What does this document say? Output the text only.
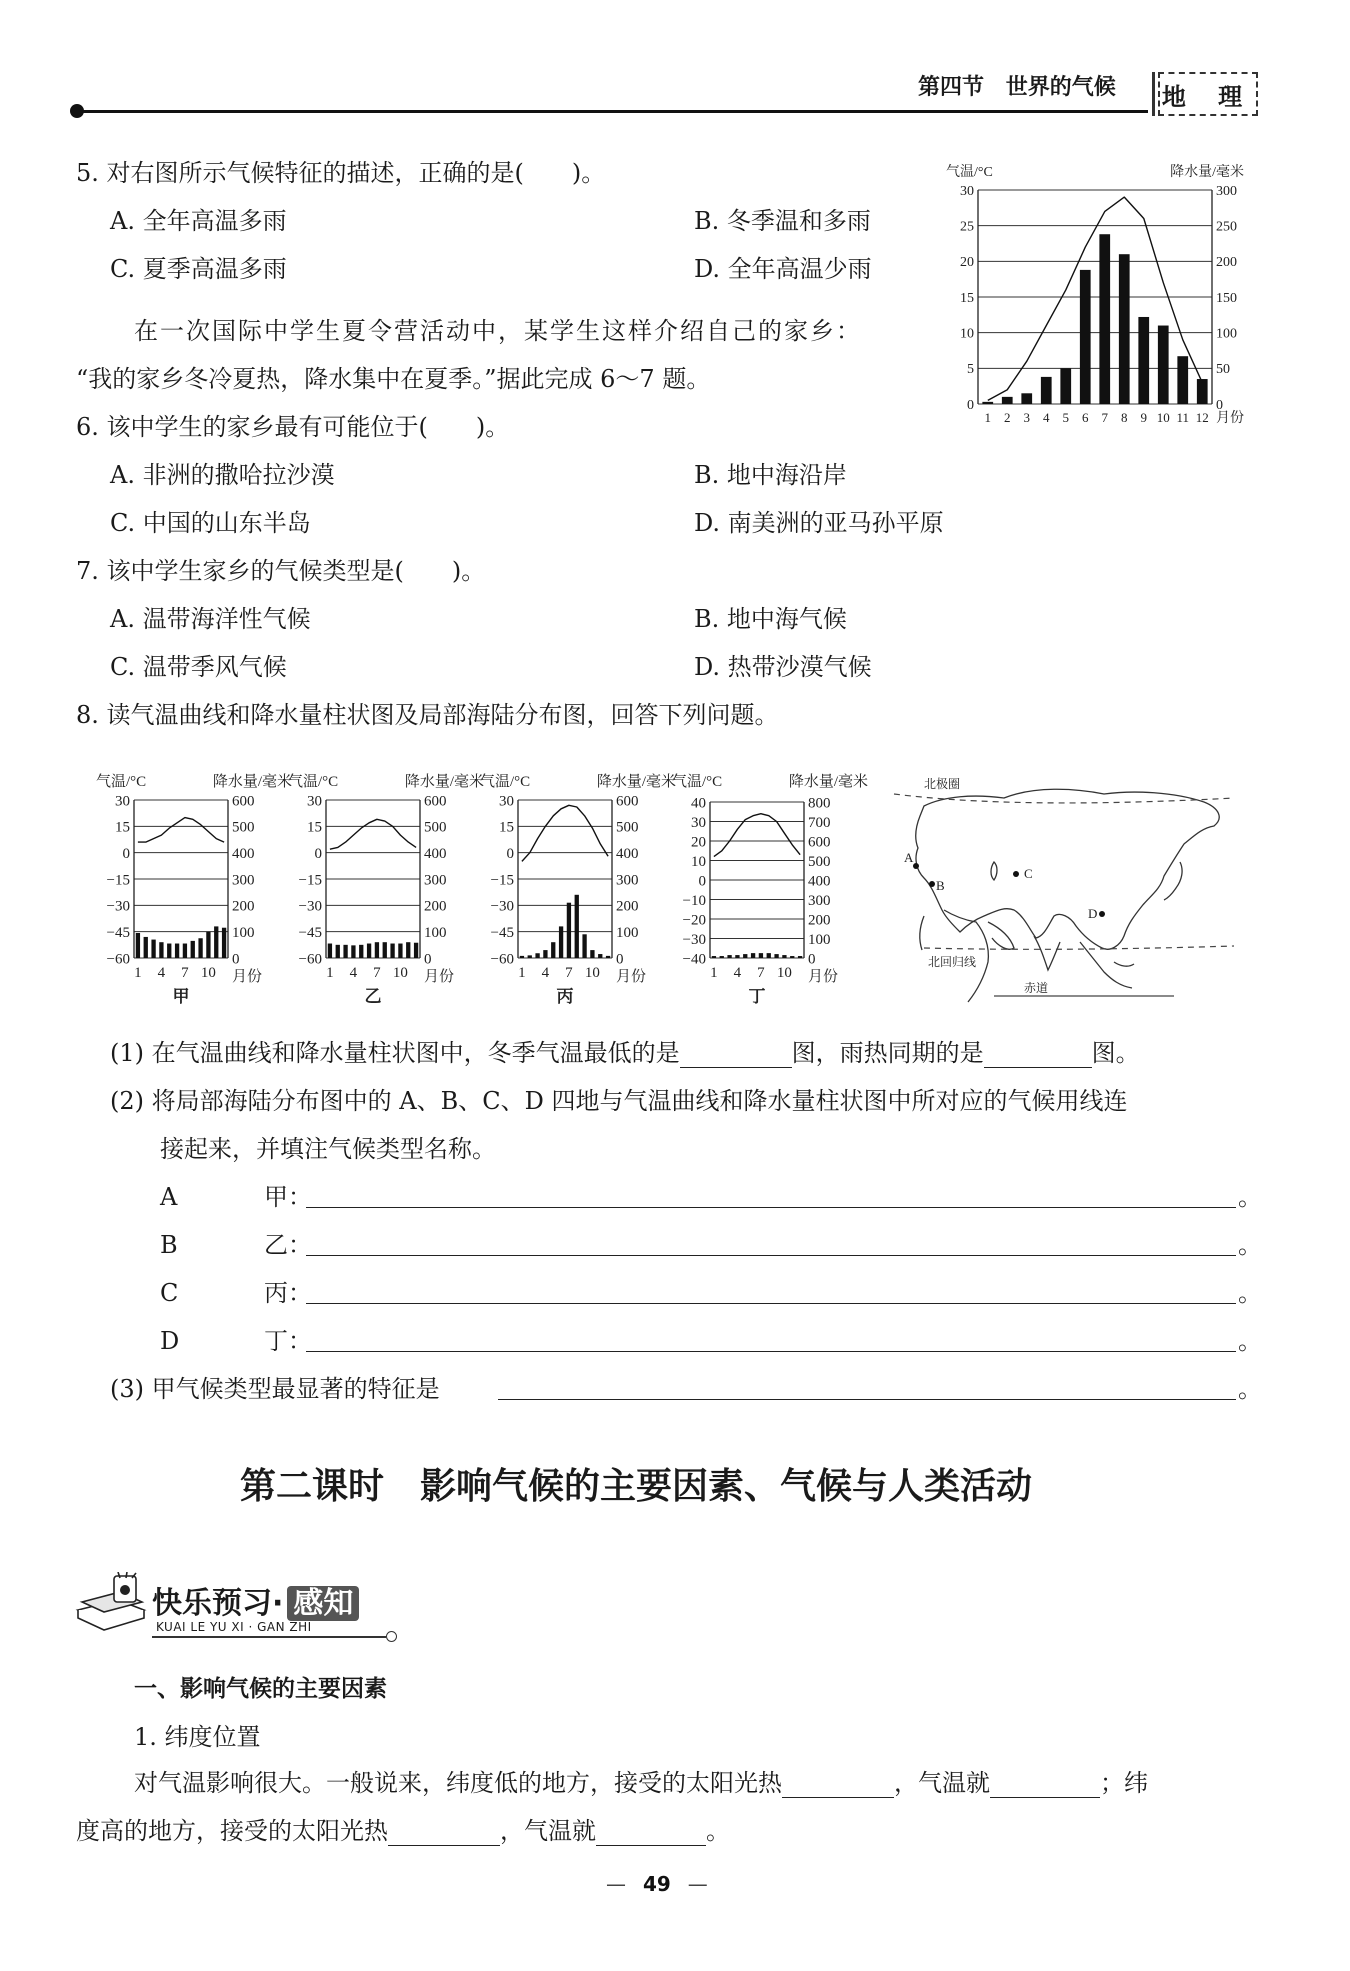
第四节 世界的气候 地 理
5. 对右图所示气候特征的描述，正确的是(　　)。
A. 全年高温多雨	B. 冬季温和多雨
C. 夏季高温多雨	D. 全年高温少雨
气温/°C	降水量/毫米
0	0
5	50
10	100
15	150
20	200
25	250
30	300
1 2 3 4 5 6 7 8 9 10 11 12 月份
在一次国际中学生夏令营活动中，某学生这样介绍自己的家乡：
“我的家乡冬冷夏热，降水集中在夏季。”据此完成 6～7 题。
6. 该中学生的家乡最有可能位于(　　)。
A. 非洲的撒哈拉沙漠	B. 地中海沿岸
C. 中国的山东半岛	D. 南美洲的亚马孙平原
7. 该中学生家乡的气候类型是(　　)。
A. 温带海洋性气候	B. 地中海气候
C. 温带季风气候	D. 热带沙漠气候
8. 读气温曲线和降水量柱状图及局部海陆分布图，回答下列问题。
气温/°C	降水量/毫米
−60	0
−45	100
−30	200
−15	300
0	400
15	500
30	600
1 4 7 10 月份
甲
气温/°C	降水量/毫米
−60	0
−45	100
−30	200
−15	300
0	400
15	500
30	600
1 4 7 10 月份
乙
气温/°C	降水量/毫米
−60	0
−45	100
−30	200
−15	300
0	400
15	500
30	600
1 4 7 10 月份
丙
气温/°C	降水量/毫米
−40	0
−30	100
−20	200
−10	300
0	400
10	500
20	600
30	700
40	800
1 4 7 10 月份
丁
北极圈
北回归线
赤道
A
B
C
D
(1) 在气温曲线和降水量柱状图中，冬季气温最低的是	图，雨热同期的是	图。
(2) 将局部海陆分布图中的 A、B、C、D 四地与气温曲线和降水量柱状图中所对应的气候用线连
接起来，并填注气候类型名称。
A	甲：	。
B	乙：	。
C	丙：	。
D	丁：	。
(3) 甲气候类型最显著的特征是	。
第二课时　影响气候的主要因素、气候与人类活动
快乐预习· 感知
KUAI LE YU XI · GAN ZHI
一、影响气候的主要因素
1. 纬度位置
对气温影响很大。一般说来，纬度低的地方，接受的太阳光热	，气温就	；纬
度高的地方，接受的太阳光热	，气温就	。
— 49 —
